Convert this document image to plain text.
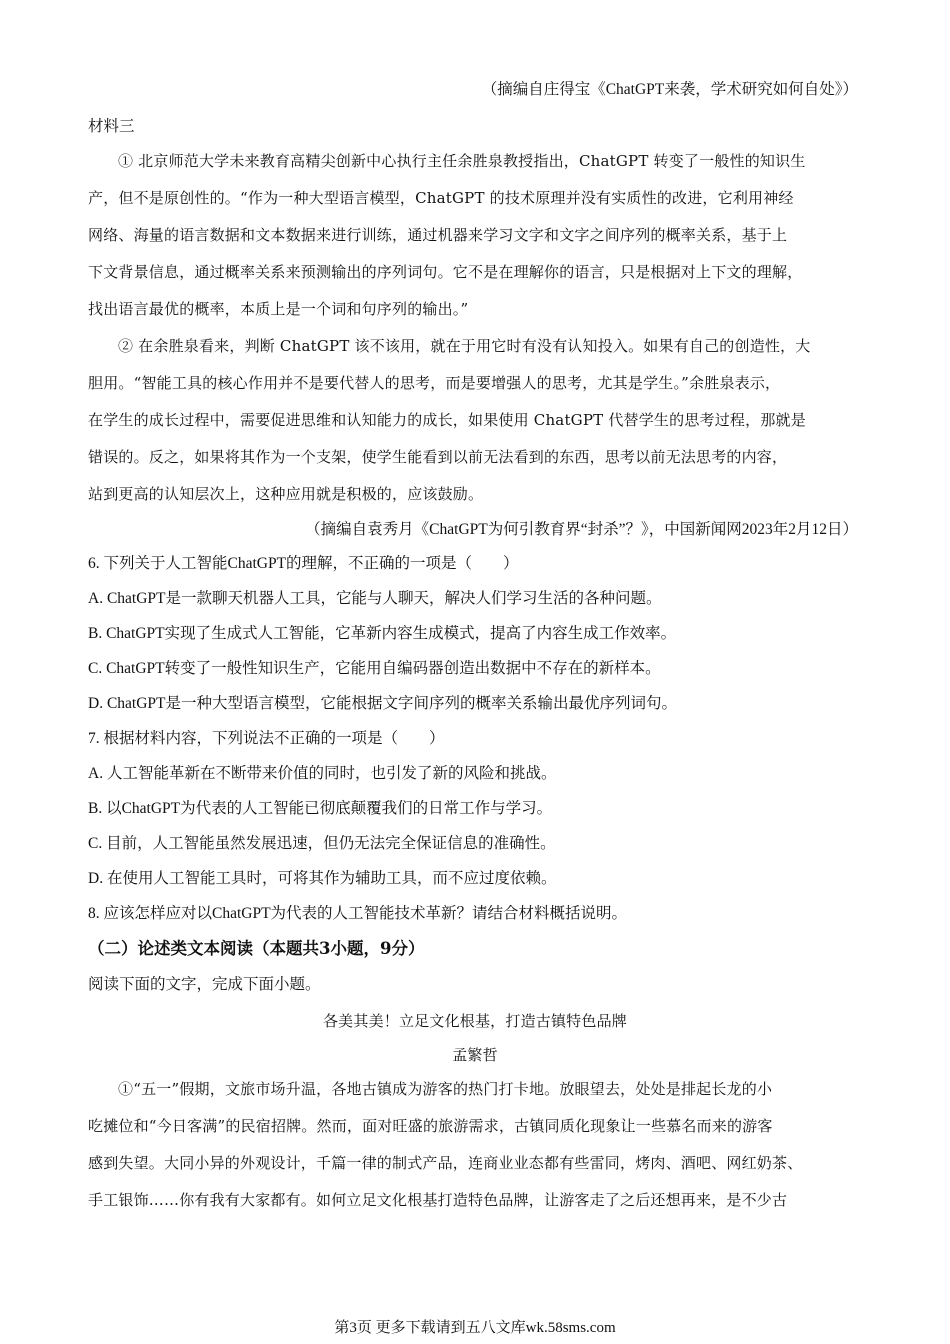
（摘编自庄得宝《ChatGPT来袭，学术研究如何自处》）
材料三
① 北京师范大学未来教育高精尖创新中心执行主任余胜泉教授指出，ChatGPT 转变了一般性的知识生
产，但不是原创性的。“作为一种大型语言模型，ChatGPT 的技术原理并没有实质性的改进，它利用神经
网络、海量的语言数据和文本数据来进行训练，通过机器来学习文字和文字之间序列的概率关系，基于上
下文背景信息，通过概率关系来预测输出的序列词句。它不是在理解你的语言，只是根据对上下文的理解，
找出语言最优的概率，本质上是一个词和句序列的输出。”
② 在余胜泉看来，判断 ChatGPT 该不该用，就在于用它时有没有认知投入。如果有自己的创造性，大
胆用。“智能工具的核心作用并不是要代替人的思考，而是要增强人的思考，尤其是学生。”余胜泉表示，
在学生的成长过程中，需要促进思维和认知能力的成长，如果使用 ChatGPT 代替学生的思考过程，那就是
错误的。反之，如果将其作为一个支架，使学生能看到以前无法看到的东西，思考以前无法思考的内容，
站到更高的认知层次上，这种应用就是积极的，应该鼓励。
（摘编自袁秀月《ChatGPT为何引教育界“封杀”？》，中国新闻网2023年2月12日）
6. 下列关于人工智能ChatGPT的理解，不正确的一项是（　　）
A. ChatGPT是一款聊天机器人工具，它能与人聊天，解决人们学习生活的各种问题。
B. ChatGPT实现了生成式人工智能，它革新内容生成模式，提高了内容生成工作效率。
C. ChatGPT转变了一般性知识生产，它能用自编码器创造出数据中不存在的新样本。
D. ChatGPT是一种大型语言模型，它能根据文字间序列的概率关系输出最优序列词句。
7. 根据材料内容，下列说法不正确的一项是（　　）
A. 人工智能革新在不断带来价值的同时，也引发了新的风险和挑战。
B. 以ChatGPT为代表的人工智能已彻底颠覆我们的日常工作与学习。
C. 目前，人工智能虽然发展迅速，但仍无法完全保证信息的准确性。
D. 在使用人工智能工具时，可将其作为辅助工具，而不应过度依赖。
8. 应该怎样应对以ChatGPT为代表的人工智能技术革新？请结合材料概括说明。
（二）论述类文本阅读（本题共3小题，9分）
阅读下面的文字，完成下面小题。
各美其美！立足文化根基，打造古镇特色品牌
孟繁哲
①“五一”假期，文旅市场升温，各地古镇成为游客的热门打卡地。放眼望去，处处是排起长龙的小
吃摊位和“今日客满”的民宿招牌。然而，面对旺盛的旅游需求，古镇同质化现象让一些慕名而来的游客
感到失望。大同小异的外观设计，千篇一律的制式产品，连商业业态都有些雷同，烤肉、酒吧、网红奶茶、
手工银饰……你有我有大家都有。如何立足文化根基打造特色品牌，让游客走了之后还想再来，是不少古
第3页 更多下载请到五八文库wk.58sms.com
